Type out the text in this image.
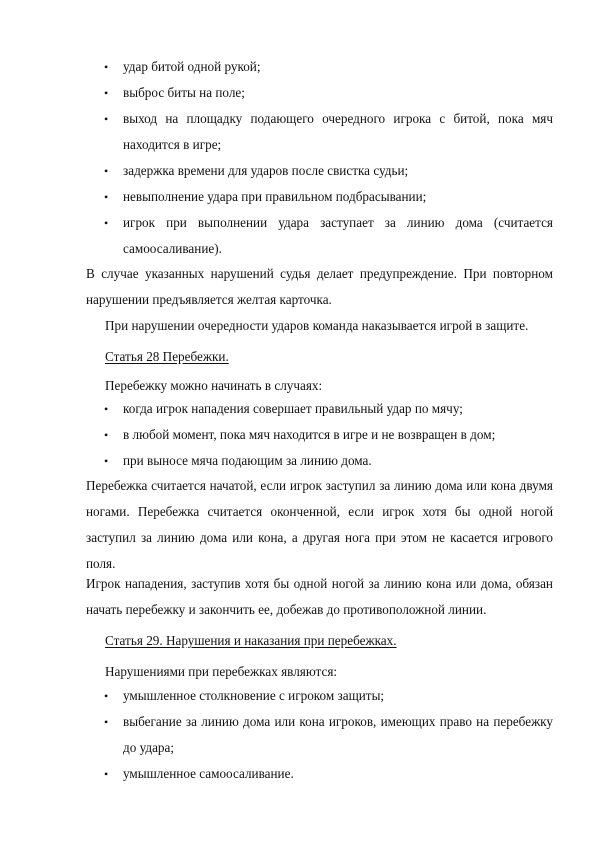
•	удар битой одной рукой;
•	выброс биты на поле;
•	выход на площадку подающего очередного игрока с битой, пока мяч находится в игре;
•	задержка времени для ударов после свистка судьи;
•	невыполнение удара при правильном подбрасывании;
•	игрок при выполнении удара заступает за линию дома (считается самоосаливание).

В случае указанных нарушений судья делает предупреждение. При повторном нарушении предъявляется желтая карточка.

При нарушении очередности ударов команда наказывается игрой в защите.

Статья 28 Перебежки.

Перебежку можно начинать в случаях:

•	когда игрок нападения совершает правильный удар по мячу;
•	в любой момент, пока мяч находится в игре и не возвращен в дом;
•	при выносе мяча подающим за линию дома.

Перебежка считается начатой, если игрок заступил за линию дома или кона двумя ногами. Перебежка считается оконченной, если игрок хотя бы одной ногой заступил за линию дома или кона, а другая нога при этом не касается игрового поля.

Игрок нападения, заступив хотя бы одной ногой за линию кона или дома, обязан начать перебежку и закончить ее, добежав до противоположной линии.

Статья 29. Нарушения и наказания при перебежках.

Нарушениями при перебежках являются:

•	умышленное столкновение с игроком защиты;
•	выбегание за линию дома или кона игроков, имеющих право на перебежку до удара;
•	умышленное самоосаливание.
